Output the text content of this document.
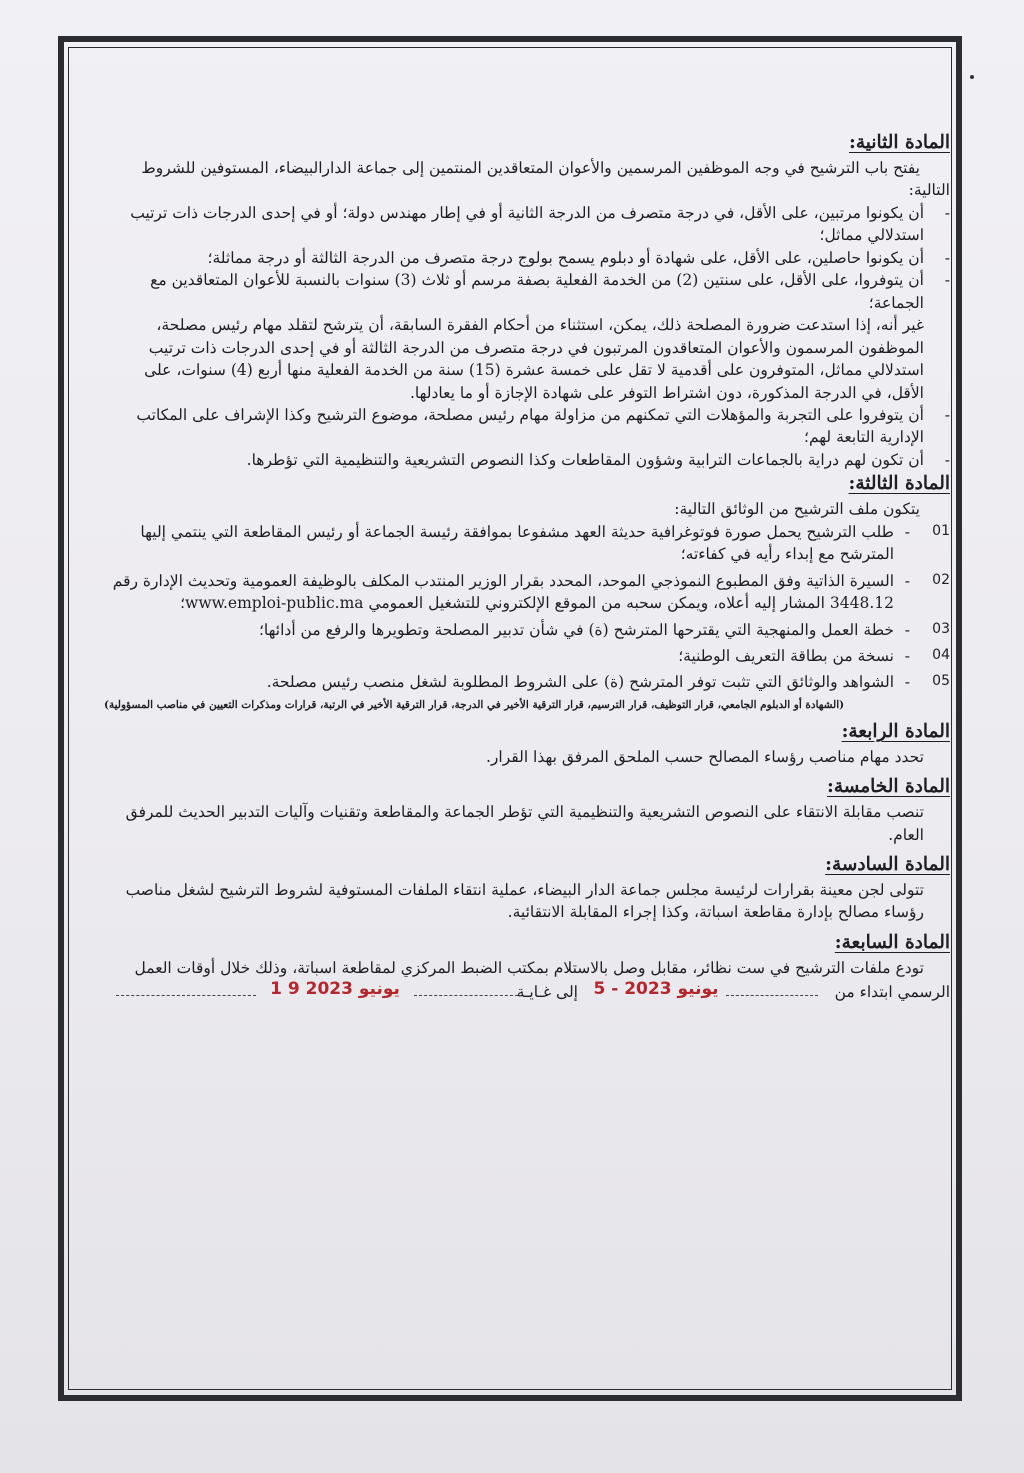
المادة الثانية:

يفتح باب الترشيح في وجه الموظفين المرسمين والأعوان المتعاقدين المنتمين إلى جماعة الدارالبيضاء، المستوفين للشروط التالية:

- أن يكونوا مرتبين، على الأقل، في درجة متصرف من الدرجة الثانية أو في إطار مهندس دولة؛ أو في إحدى الدرجات ذات ترتيب استدلالي مماثل؛
- أن يكونوا حاصلين، على الأقل، على شهادة أو دبلوم يسمح بولوج درجة متصرف من الدرجة الثالثة أو درجة مماثلة؛
- أن يتوفروا، على الأقل، على سنتين (2) من الخدمة الفعلية بصفة مرسم أو ثلاث (3) سنوات بالنسبة للأعوان المتعاقدين مع الجماعة؛

غير أنه، إذا استدعت ضرورة المصلحة ذلك، يمكن، استثناء من أحكام الفقرة السابقة، أن يترشح لتقلد مهام رئيس مصلحة، الموظفون المرسمون والأعوان المتعاقدون المرتبون في درجة متصرف من الدرجة الثالثة أو في إحدى الدرجات ذات ترتيب استدلالي مماثل، المتوفرون على أقدمية لا تقل على خمسة عشرة (15) سنة من الخدمة الفعلية منها أربع (4) سنوات، على الأقل، في الدرجة المذكورة، دون اشتراط التوفر على شهادة الإجازة أو ما يعادلها.

- أن يتوفروا على التجربة والمؤهلات التي تمكنهم من مزاولة مهام رئيس مصلحة، موضوع الترشيح وكذا الإشراف على المكاتب الإدارية التابعة لهم؛
- أن تكون لهم دراية بالجماعات الترابية وشؤون المقاطعات وكذا النصوص التشريعية والتنظيمية التي تؤطرها.
المادة الثالثة:

يتكون ملف الترشيح من الوثائق التالية:

01
-
طلب الترشيح يحمل صورة فوتوغرافية حديثة العهد مشفوعا بموافقة رئيسة الجماعة أو رئيس المقاطعة التي ينتمي إليها المترشح مع إبداء رأيه في كفاءته؛
02
-
السيرة الذاتية وفق المطبوع النموذجي الموحد، المحدد بقرار الوزير المنتدب المكلف بالوظيفة العمومية وتحديث الإدارة رقم 3448.12 المشار إليه أعلاه، ويمكن سحبه من الموقع الإلكتروني للتشغيل العمومي www.emploi-public.ma؛
03
-
خطة العمل والمنهجية التي يقترحها المترشح (ة) في شأن تدبير المصلحة وتطويرها والرفع من أدائها؛
04
-
نسخة من بطاقة التعريف الوطنية؛
05
-
الشواهد والوثائق التي تثبت توفر المترشح (ة) على الشروط المطلوبة لشغل منصب رئيس مصلحة.

(الشهادة أو الدبلوم الجامعي، قرار التوظيف، قرار الترسيم، قرار الترقية الأخير في الدرجة، قرار الترقية الأخير في الرتبة، قرارات ومذكرات التعيين في مناصب المسؤولية)

المادة الرابعة:

تحدد مهام مناصب رؤساء المصالح حسب الملحق المرفق بهذا القرار.

المادة الخامسة:

تنصب مقابلة الانتقاء على النصوص التشريعية والتنظيمية التي تؤطر الجماعة والمقاطعة وتقنيات وآليات التدبير الحديث للمرفق العام.

المادة السادسة:

تتولى لجن معينة بقرارات لرئيسة مجلس جماعة الدار البيضاء، عملية انتقاء الملفات المستوفية لشروط الترشيح لشغل مناصب رؤساء مصالح بإدارة مقاطعة اسباتة، وكذا إجراء المقابلة الانتقائية.

المادة السابعة:

تودع ملفات الترشيح في ست نظائر، مقابل وصل بالاستلام بمكتب الضبط المركزي لمقاطعة اسباتة، وذلك خلال أوقات العمل

الرسمي ابتداء من
5 - يونيو 2023
إلى غـايـة
1 9 يونيو 2023
